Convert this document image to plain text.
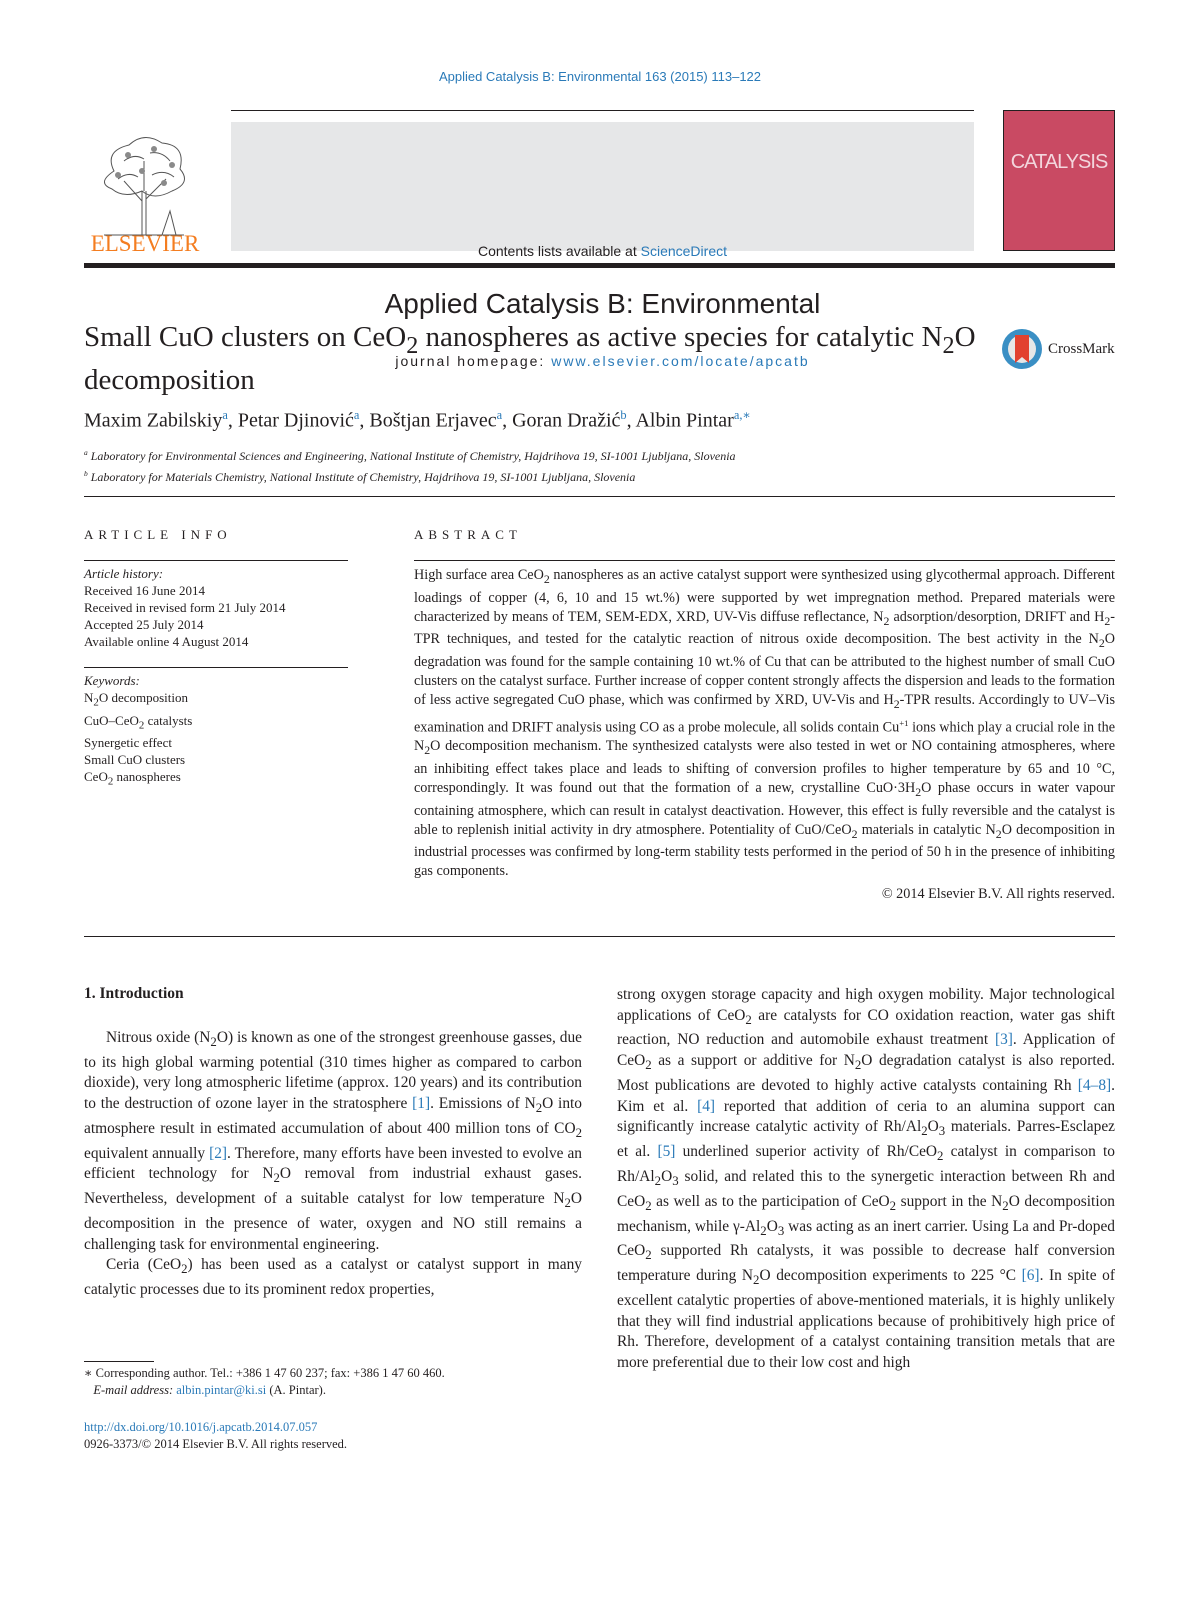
Applied Catalysis B: Environmental 163 (2015) 113–122
ELSEVIER	Contents lists available at ScienceDirect
Applied Catalysis B: Environmental
journal homepage: www.elsevier.com/locate/apcatb
CATALYSIS
Small CuO clusters on CeO$_2$ nanospheres as active species for catalytic $N_2O$ decomposition
CrossMark
Maxim Zabilskiy$^a$, Petar Djinović$^a$, Boštjan Erjavec$^a$, Goran Dražić$^b$, Albin Pintar$^{a,∗}$
$^a$ Laboratory for Environmental Sciences and Engineering, National Institute of Chemistry, Hajdrihova 19, SI-1001 Ljubljana, Slovenia
$^b$ Laboratory for Materials Chemistry, National Institute of Chemistry, Hajdrihova 19, SI-1001 Ljubljana, Slovenia
ARTICLE INFO	ABSTRACT
Article history:
Received 16 June 2014
Received in revised form 21 July 2014
Accepted 25 July 2014
Available online 4 August 2014
Keywords:
$N_2O$ decomposition
CuO–CeO$_2$ catalysts
Synergetic effect
Small CuO clusters
CeO$_2$ nanospheres
High surface area CeO$_2$ nanospheres as an active catalyst support were synthesized using glycothermal approach. Different loadings of copper (4, 6, 10 and 15 wt.%) were supported by wet impregnation method. Prepared materials were characterized by means of TEM, SEM-EDX, XRD, UV-Vis diffuse reflectance, $N_2$ adsorption/desorption, DRIFT and $H_2$-TPR techniques, and tested for the catalytic reaction of nitrous oxide decomposition. The best activity in the $N_2O$ degradation was found for the sample containing 10 wt.% of Cu that can be attributed to the highest number of small CuO clusters on the catalyst surface. Further increase of copper content strongly affects the dispersion and leads to the formation of less active segregated CuO phase, which was confirmed by XRD, UV-Vis and $H_2$-TPR results. Accordingly to UV–Vis examination and DRIFT analysis using CO as a probe molecule, all solids contain $Cu^{+1}$ ions which play a crucial role in the $N_2O$ decomposition mechanism. The synthesized catalysts were also tested in wet or NO containing atmospheres, where an inhibiting effect takes place and leads to shifting of conversion profiles to higher temperature by 65 and 10 °C, correspondingly. It was found out that the formation of a new, crystalline $CuO\cdot 3H_2O$ phase occurs in water vapour containing atmosphere, which can result in catalyst deactivation. However, this effect is fully reversible and the catalyst is able to replenish initial activity in dry atmosphere. Potentiality of CuO/CeO$_2$ materials in catalytic $N_2O$ decomposition in industrial processes was confirmed by long-term stability tests performed in the period of 50 h in the presence of inhibiting gas components.
© 2014 Elsevier B.V. All rights reserved.
1. Introduction

Nitrous oxide $(N_2O)$ is known as one of the strongest greenhouse gasses, due to its high global warming potential (310 times higher as compared to carbon dioxide), very long atmospheric lifetime (approx. 120 years) and its contribution to the destruction of ozone layer in the stratosphere [1]. Emissions of $N_2O$ into atmosphere result in estimated accumulation of about 400 million tons of $CO_2$ equivalent annually [2]. Therefore, many efforts have been invested to evolve an efficient technology for $N_2O$ removal from industrial exhaust gases. Nevertheless, development of a suitable catalyst for low temperature $N_2O$ decomposition in the presence of water, oxygen and NO still remains a challenging task for environmental engineering.

Ceria (CeO$_2$) has been used as a catalyst or catalyst support in many catalytic processes due to its prominent redox properties,

strong oxygen storage capacity and high oxygen mobility. Major technological applications of CeO$_2$ are catalysts for CO oxidation reaction, water gas shift reaction, NO reduction and automobile exhaust treatment [3]. Application of CeO$_2$ as a support or additive for $N_2O$ degradation catalyst is also reported. Most publications are devoted to highly active catalysts containing Rh [4–8]. Kim et al. [4] reported that addition of ceria to an alumina support can significantly increase catalytic activity of $Rh/Al_2O_3$ materials. Parres-Esclapez et al. [5] underlined superior activity of Rh/CeO$_2$ catalyst in comparison to $Rh/Al_2O_3$ solid, and related this to the synergetic interaction between Rh and CeO$_2$ as well as to the participation of CeO$_2$ support in the $N_2O$ decomposition mechanism, while $\gamma-Al_2O_3$ was acting as an inert carrier. Using La and Pr-doped CeO$_2$ supported Rh catalysts, it was possible to decrease half conversion temperature during $N_2O$ decomposition experiments to 225 °C [6]. In spite of excellent catalytic properties of above-mentioned materials, it is highly unlikely that they will find industrial applications because of prohibitively high price of Rh. Therefore, development of a catalyst containing transition metals that are more preferential due to their low cost and high

∗ Corresponding author. Tel.: +386 1 47 60 237; fax: +386 1 47 60 460.
E-mail address: albin.pintar@ki.si (A. Pintar).
http://dx.doi.org/10.1016/j.apcatb.2014.07.057
0926-3373/© 2014 Elsevier B.V. All rights reserved.
